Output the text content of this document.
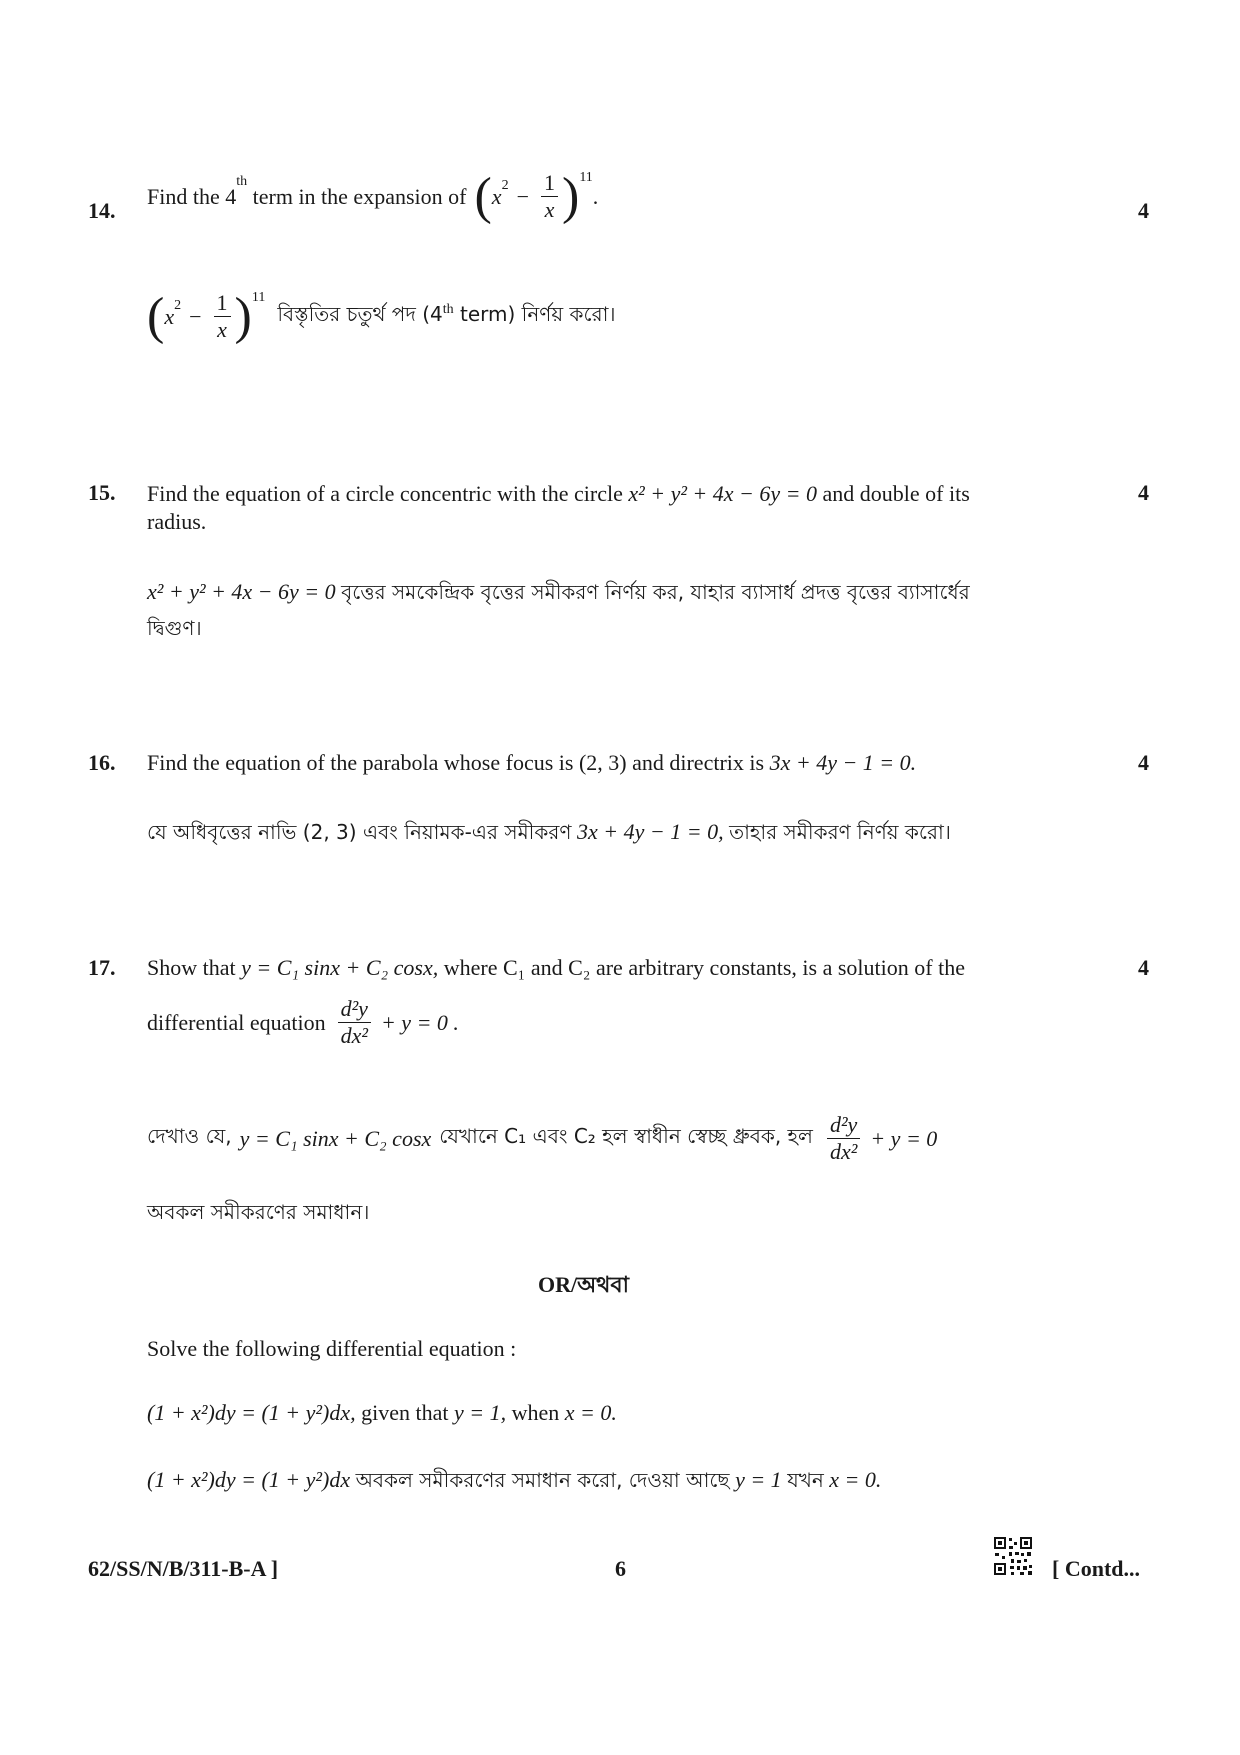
14.
Find the 4
$^{th}$
term in the expansion of ( $x^2 - \frac{1}{x} )^{11}$
.
4
( $x^2 - \frac{1}{x} )^{11}$
বিস্তৃতির চতুর্থ পদ (4th term) নির্ণয় করো।
15. Find the equation of a circle concentric with the circle x² + y² + 4x − 6y = 0 and double of its
radius.
4
x² + y² + 4x − 6y = 0 বৃত্তের সমকেন্দ্রিক বৃত্তের সমীকরণ নির্ণয় কর, যাহার ব্যাসার্ধ প্রদত্ত বৃত্তের ব্যাসার্ধের
দ্বিগুণ।
16. Find the equation of the parabola whose focus is (2, 3) and directrix is 3x + 4y − 1 = 0.	4
যে অধিবৃত্তের নাভি (2, 3) এবং নিয়ামক-এর সমীকরণ 3x + 4y − 1 = 0, তাহার সমীকরণ নির্ণয় করো।
17. Show that y = C₁ sinx + C₂ cosx, where C₁ and C₂ are arbitrary constants, is a solution of the	4
differential equation $\frac{\text{d²y}}{\text{dx²}} + y = 0$ .
দেখাও যে, y = C₁ sinx + C₂ cosx যেখানে C₁ এবং C₂ হল স্বাধীন স্বেচ্ছ ধ্রুবক, হল $\frac{\text{d²y}}{\text{dx²}} + y = 0$
অবকল সমীকরণের সমাধান।
OR/অথবা
Solve the following differential equation :
(1 + x²)dy = (1 + y²)dx, given that y = 1, when x = 0.
(1 + x²)dy = (1 + y²)dx অবকল সমীকরণের সমাধান করো, দেওয়া আছে y = 1 যখন x = 0.
62/SS/N/B/311-B-A ]	6	[ Contd...
